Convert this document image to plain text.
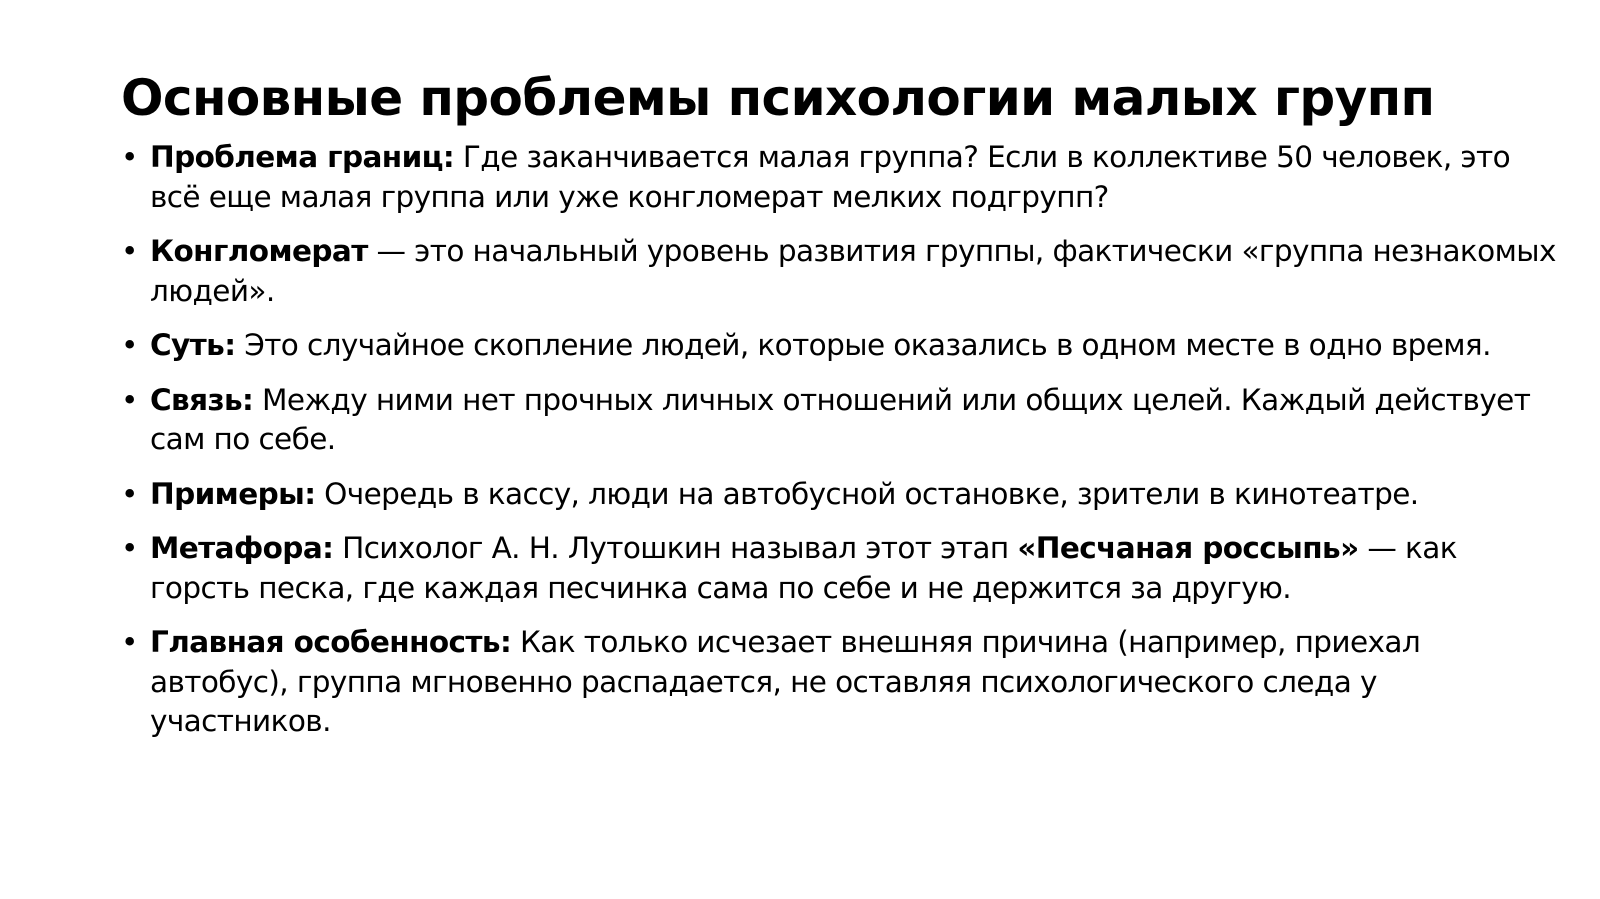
Основные проблемы психологии малых групп
• Проблема границ: Где заканчивается малая группа? Если в коллективе 50 человек, это всё еще малая группа или уже конгломерат мелких подгрупп?
• Конгломерат — это начальный уровень развития группы, фактически «группа незнакомых людей».
• Суть: Это случайное скопление людей, которые оказались в одном месте в одно время.
• Связь: Между ними нет прочных личных отношений или общих целей. Каждый действует сам по себе.
• Примеры: Очередь в кассу, люди на автобусной остановке, зрители в кинотеатре.
• Метафора: Психолог А. Н. Лутошкин называл этот этап «Песчаная россыпь» — как горсть песка, где каждая песчинка сама по себе и не держится за другую.
• Главная особенность: Как только исчезает внешняя причина (например, приехал автобус), группа мгновенно распадается, не оставляя психологического следа у участников.
